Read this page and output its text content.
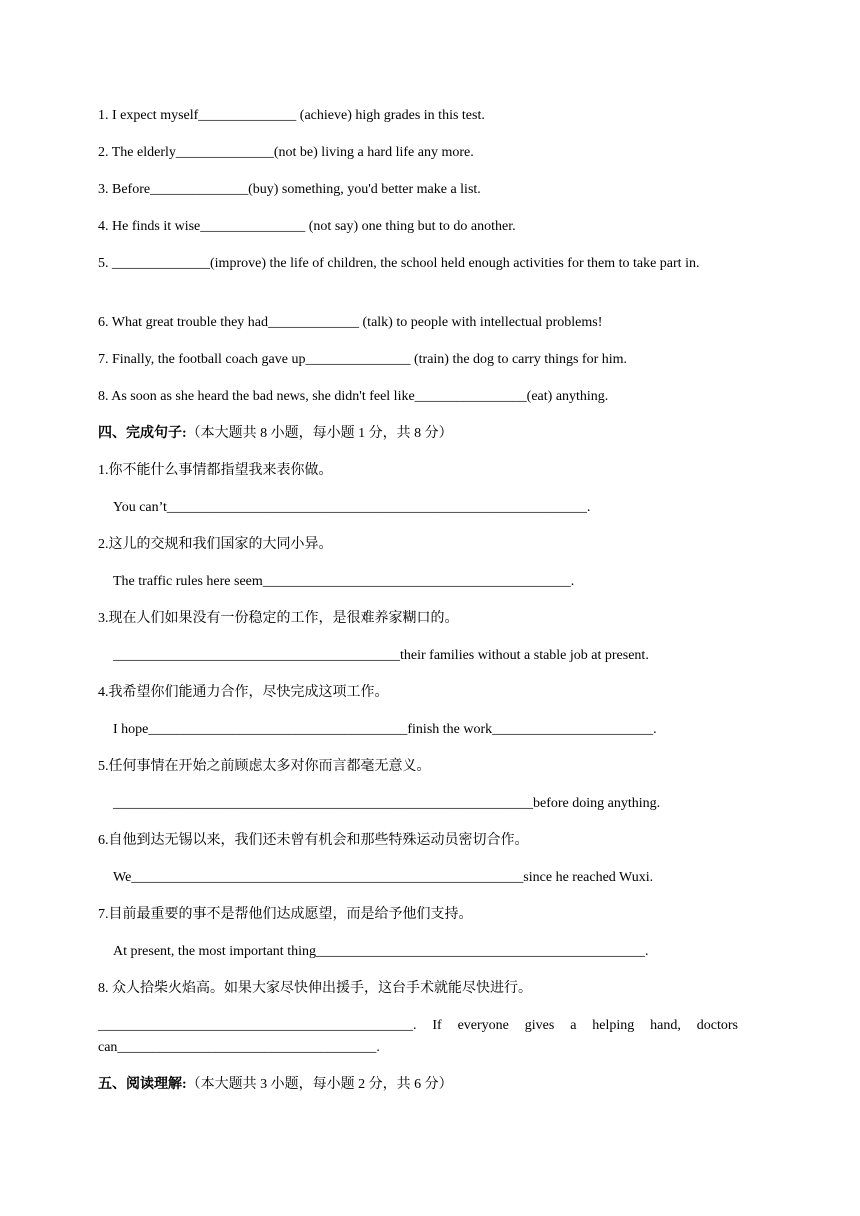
1. I expect myself______________ (achieve) high grades in this test.
2. The elderly______________(not be) living a hard life any more.
3. Before______________(buy) something, you'd better make a list.
4. He finds it wise_______________ (not say) one thing but to do another.
5. ______________(improve) the life of children, the school held enough activities for them to take part in.
6. What great trouble they had_____________ (talk) to people with intellectual problems!
7. Finally, the football coach gave up_______________ (train) the dog to carry things for him.
8. As soon as she heard the bad news, she didn't feel like________________(eat) anything.
四、完成句子:（本大题共 8 小题，每小题 1 分，共 8 分）
1.你不能什么事情都指望我来表你做。
You can’t____________________________________________________________.
2.这儿的交规和我们国家的大同小异。
The traffic rules here seem____________________________________________.
3.现在人们如果没有一份稳定的工作，是很难养家糊口的。
_________________________________________their families without a stable job at present.
4.我希望你们能通力合作，尽快完成这项工作。
I hope_____________________________________finish the work_______________________.
5.任何事情在开始之前顾虑太多对你而言都毫无意义。
____________________________________________________________before doing anything.
6.自他到达无锡以来，我们还未曾有机会和那些特殊运动员密切合作。
We________________________________________________________since he reached Wuxi.
7.目前最重要的事不是帮他们达成愿望，而是给予他们支持。
At present, the most important thing_______________________________________________.
8. 众人拾柴火焰高。如果大家尽快伸出援手，这台手术就能尽快进行。
_____________________________________________. If everyone gives a helping hand, doctors can_____________________________________.
五、阅读理解:（本大题共 3 小题，每小题 2 分，共 6 分）
